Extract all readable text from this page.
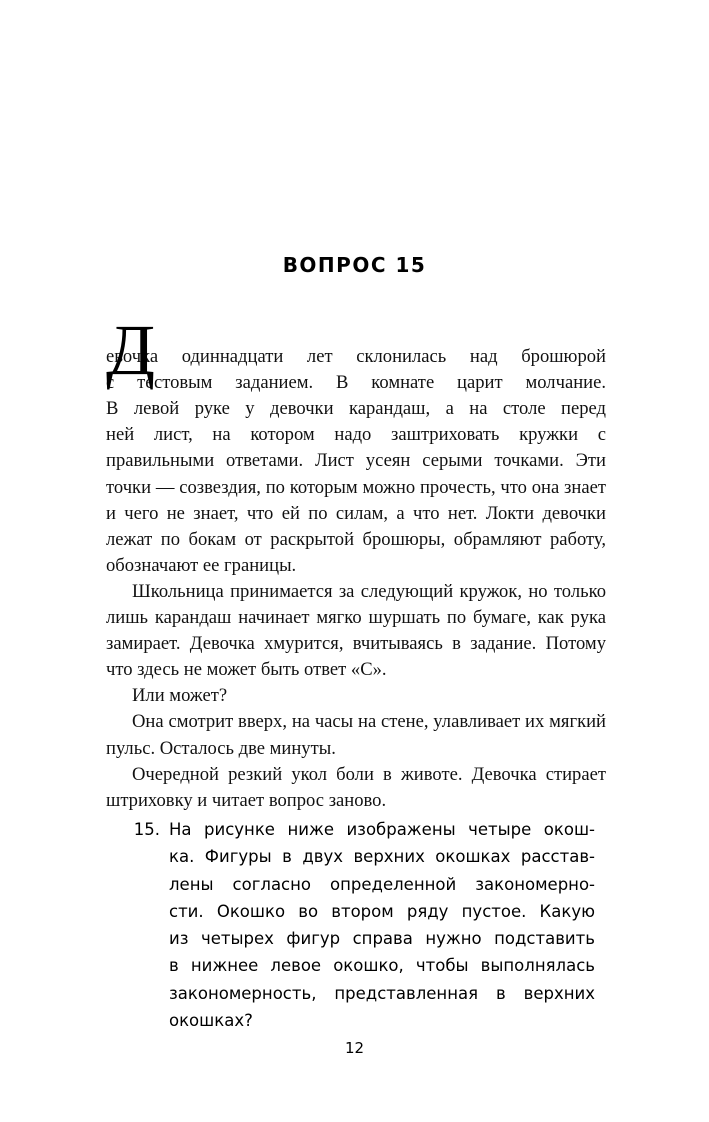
ВОПРОС 15

Д
евочка одиннадцати лет склонилась над брошюрой
с тестовым заданием. В комнате царит молчание.
В левой руке у девочки карандаш, а на столе перед
ней лист, на котором надо заштриховать кружки с правильными ответами. Лист усеян серыми точками. Эти точки — созвездия, по которым можно прочесть, что она знает и чего не знает, что ей по силам, а что нет. Локти девочки лежат по бокам от раскрытой брошюры, обрамляют работу, обозначают ее границы.

Школьница принимается за следующий кружок, но только лишь карандаш начинает мягко шуршать по бумаге, как рука замирает. Девочка хмурится, вчитываясь в задание. Потому что здесь не может быть ответ «С».

Или может?

Она смотрит вверх, на часы на стене, улавливает их мягкий пульс. Осталось две минуты.

Очередной резкий укол боли в животе. Девочка стирает штриховку и читает вопрос заново.

15. На рисунке ниже изображены четыре окош-
ка. Фигуры в двух верхних окошках расстав-
лены согласно определенной закономерно-
сти. Окошко во втором ряду пустое. Какую
из четырех фигур справа нужно подставить
в нижнее левое окошко, чтобы выполнялась
закономерность, представленная в верхних
окошках?
12
